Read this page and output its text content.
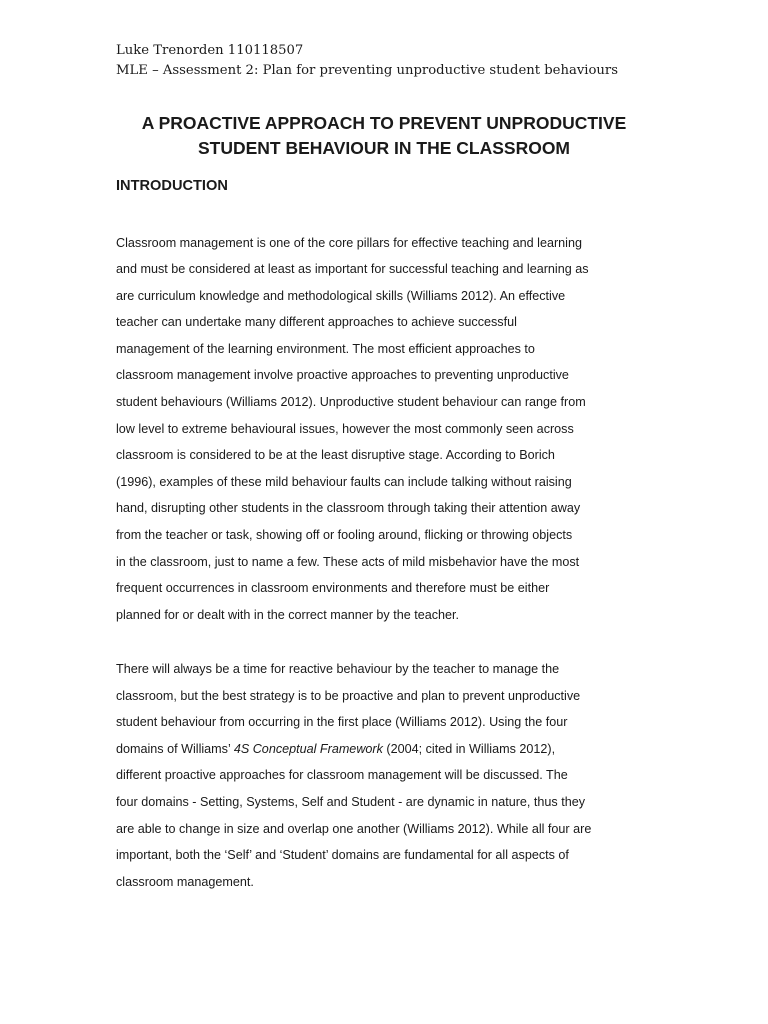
Luke Trenorden 110118507
MLE – Assessment 2: Plan for preventing unproductive student behaviours
A PROACTIVE APPROACH TO PREVENT UNPRODUCTIVE
STUDENT BEHAVIOUR IN THE CLASSROOM
INTRODUCTION
Classroom management is one of the core pillars for effective teaching and learning
and must be considered at least as important for successful teaching and learning as
are curriculum knowledge and methodological skills (Williams 2012). An effective
teacher can undertake many different approaches to achieve successful
management of the learning environment. The most efficient approaches to
classroom management involve proactive approaches to preventing unproductive
student behaviours (Williams 2012). Unproductive student behaviour can range from
low level to extreme behavioural issues, however the most commonly seen across
classroom is considered to be at the least disruptive stage. According to Borich
(1996), examples of these mild behaviour faults can include talking without raising
hand, disrupting other students in the classroom through taking their attention away
from the teacher or task, showing off or fooling around, flicking or throwing objects
in the classroom, just to name a few. These acts of mild misbehavior have the most
frequent occurrences in classroom environments and therefore must be either
planned for or dealt with in the correct manner by the teacher.
There will always be a time for reactive behaviour by the teacher to manage the
classroom, but the best strategy is to be proactive and plan to prevent unproductive
student behaviour from occurring in the first place (Williams 2012). Using the four
domains of Williams’ 4S Conceptual Framework (2004; cited in Williams 2012),
different proactive approaches for classroom management will be discussed. The
four domains - Setting, Systems, Self and Student - are dynamic in nature, thus they
are able to change in size and overlap one another (Williams 2012). While all four are
important, both the ‘Self’ and ‘Student’ domains are fundamental for all aspects of
classroom management.
